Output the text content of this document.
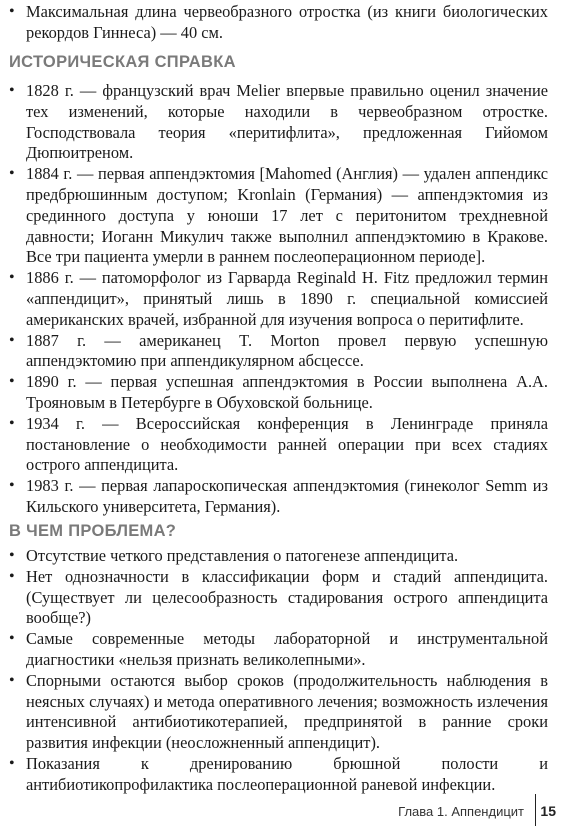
• Максимальная длина червеобразного отростка (из книги биологических рекордов Гиннеса) — 40 см.
ИСТОРИЧЕСКАЯ СПРАВКА
• 1828 г. — французский врач Melier впервые правильно оценил значение тех изменений, которые находили в червеобразном отростке. Господствовала теория «перитифлита», предложенная Гийомом Дюпюитреном.
• 1884 г. — первая аппендэктомия [Mahomed (Англия) — удален аппендикс предбрюшинным доступом; Kronlain (Германия) — аппендэктомия из срединного доступа у юноши 17 лет с перитонитом трехдневной давности; Иоганн Микулич также выполнил аппендэктомию в Кракове. Все три пациента умерли в раннем послеоперационном периоде].
• 1886 г. — патоморфолог из Гарварда Reginald H. Fitz предложил термин «аппендицит», принятый лишь в 1890 г. специальной комиссией американских врачей, избранной для изучения вопроса о перитифлите.
• 1887 г. — американец T. Morton провел первую успешную аппендэктомию при аппендикулярном абсцессе.
• 1890 г. — первая успешная аппендэктомия в России выполнена А.А. Трояновым в Петербурге в Обуховской больнице.
• 1934 г. — Всероссийская конференция в Ленинграде приняла постановление о необходимости ранней операции при всех стадиях острого аппендицита.
• 1983 г. — первая лапароскопическая аппендэктомия (гинеколог Semm из Кильского университета, Германия).
В ЧЕМ ПРОБЛЕМА?
• Отсутствие четкого представления о патогенезе аппендицита.
• Нет однозначности в классификации форм и стадий аппендицита. (Существует ли целесообразность стадирования острого аппендицита вообще?)
• Самые современные методы лабораторной и инструментальной диагностики «нельзя признать великолепными».
• Спорными остаются выбор сроков (продолжительность наблюдения в неясных случаях) и метода оперативного лечения; возможность излечения интенсивной антибиотикотерапией, предпринятой в ранние сроки развития инфекции (неосложненный аппендицит).
• Показания к дренированию брюшной полости и антибиотикопрофилактика послеоперационной раневой инфекции.
Глава 1. Аппендицит 15
